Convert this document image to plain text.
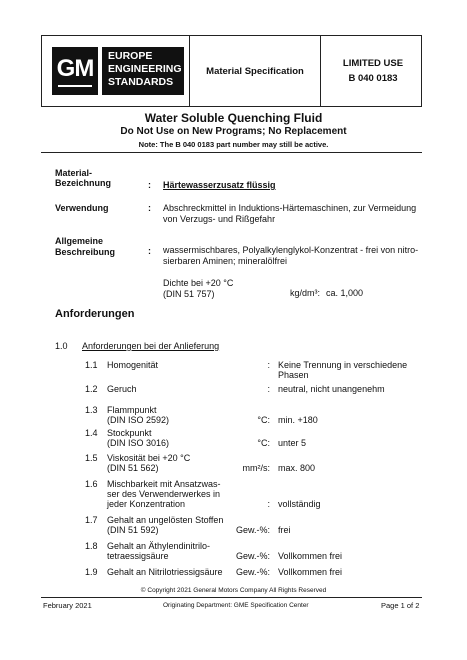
GM	EUROPE
ENGINEERING
STANDARDS
Material Specification
LIMITED USE
B 040 0183
Water Soluble Quenching Fluid
Do Not Use on New Programs; No Replacement
Note: The B 040 0183 part number may still be active.
Material-
Bezeichnung	: Härtewasserzusatz flüssig
Verwendung	: Abschreckmittel in Induktions-Härtemaschinen, zur Vermeidung
von Verzugs- und Rißgefahr
Allgemeine
Beschreibung	: wassermischbares, Polyalkylenglykol-Konzentrat - frei von nitro-
sierbaren Aminen; mineralölfrei
Dichte bei +20 °C
(DIN 51 757)	kg/dm³: ca. 1,000
Anforderungen
1.0 Anforderungen bei der Anlieferung
1.1 Homogenität	: Keine Trennung in verschiedene
Phasen
1.2 Geruch	: neutral, nicht unangenehm
1.3 Flammpunkt
(DIN ISO 2592)	°C: min. +180
1.4 Stockpunkt
(DIN ISO 3016)	°C: unter 5
1.5 Viskosität bei +20 °C
(DIN 51 562)	mm²/s: max. 800
1.6 Mischbarkeit mit Ansatzwas-
ser des Verwenderwerkes in
jeder Konzentration	: vollständig
1.7 Gehalt an ungelösten Stoffen
(DIN 51 592)	Gew.-%: frei
1.8 Gehalt an Äthylendinitrilo-
tetraessigsäure	Gew.-%: Vollkommen frei
1.9 Gehalt an Nitrilotriessigsäure Gew.-%: Vollkommen frei
© Copyright 2021 General Motors Company All Rights Reserved
February 2021	Originating Department: GME Specification Center	Page 1 of 2
